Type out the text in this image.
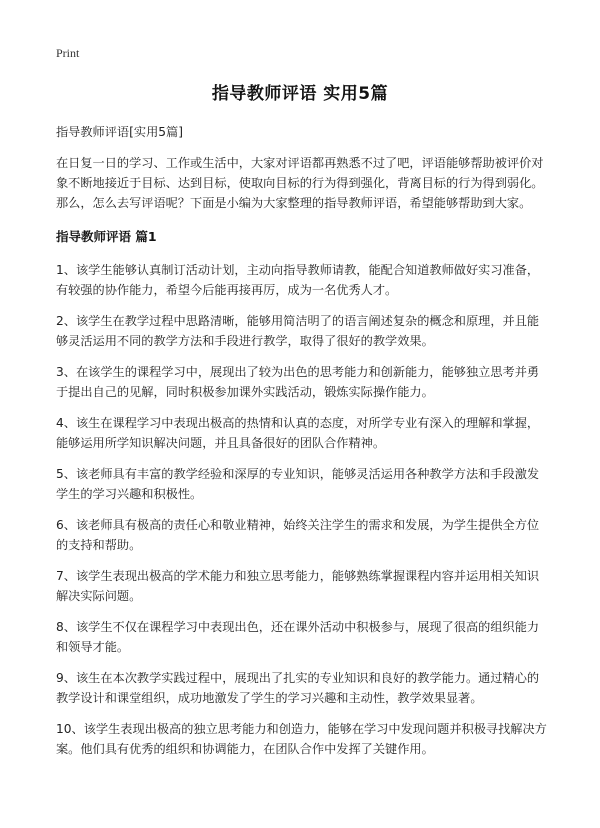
Print
指导教师评语 实用5篇

指导教师评语[实用5篇]

在日复一日的学习、工作或生活中，大家对评语都再熟悉不过了吧，评语能够帮助被评价对象不断地接近于目标、达到目标，使取向目标的行为得到强化，背离目标的行为得到弱化。那么，怎么去写评语呢？下面是小编为大家整理的指导教师评语，希望能够帮助到大家。

指导教师评语 篇1

1、该学生能够认真制订活动计划，主动向指导教师请教，能配合知道教师做好实习准备，有较强的协作能力，希望今后能再接再厉，成为一名优秀人才。

2、该学生在教学过程中思路清晰，能够用简洁明了的语言阐述复杂的概念和原理，并且能够灵活运用不同的教学方法和手段进行教学，取得了很好的教学效果。

3、在该学生的课程学习中，展现出了较为出色的思考能力和创新能力，能够独立思考并勇于提出自己的见解，同时积极参加课外实践活动，锻炼实际操作能力。

4、该生在课程学习中表现出极高的热情和认真的态度，对所学专业有深入的理解和掌握，能够运用所学知识解决问题，并且具备很好的团队合作精神。

5、该老师具有丰富的教学经验和深厚的专业知识，能够灵活运用各种教学方法和手段激发学生的学习兴趣和积极性。

6、该老师具有极高的责任心和敬业精神，始终关注学生的需求和发展，为学生提供全方位的支持和帮助。

7、该学生表现出极高的学术能力和独立思考能力，能够熟练掌握课程内容并运用相关知识解决实际问题。

8、该学生不仅在课程学习中表现出色，还在课外活动中积极参与，展现了很高的组织能力和领导才能。

9、该生在本次教学实践过程中，展现出了扎实的专业知识和良好的教学能力。通过精心的教学设计和课堂组织，成功地激发了学生的学习兴趣和主动性，教学效果显著。

10、该学生表现出极高的独立思考能力和创造力，能够在学习中发现问题并积极寻找解决方案。他们具有优秀的组织和协调能力，在团队合作中发挥了关键作用。
